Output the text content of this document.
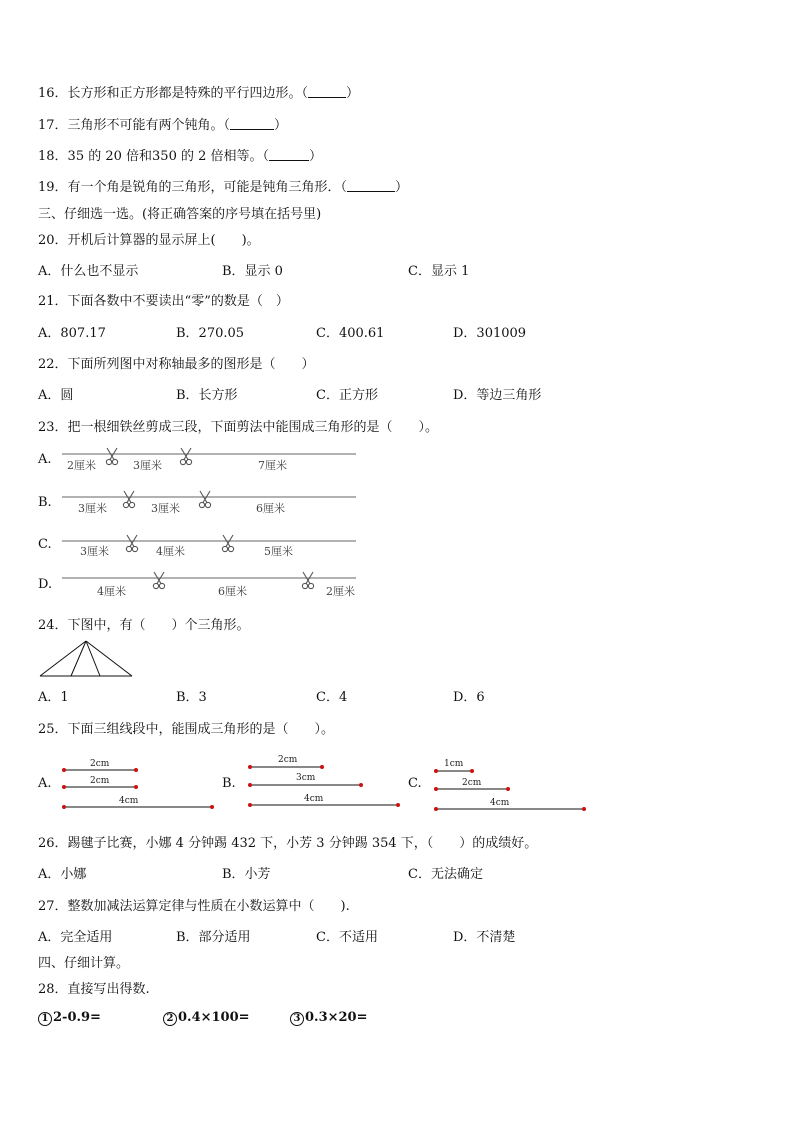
16．长方形和正方形都是特殊的平行四边形。（	）
17．三角形不可能有两个钝角。（	）
18．35 的 20 倍和350 的 2 倍相等。（	）
19．有一个角是锐角的三角形，可能是钝角三角形．（	）
三、仔细选一选。(将正确答案的序号填在括号里)
20．开机后计算器的显示屏上(　　)。
A．什么也不显示	B．显示 0	C．显示 1
21．下面各数中不要读出“零”的数是（　）
A．807.17	B．270.05	C．400.61	D．301009
22．下面所列图中对称轴最多的图形是（　　）
A．圆	B．长方形	C．正方形	D．等边三角形
23．把一根细铁丝剪成三段，下面剪法中能围成三角形的是（　　）。
A. 2厘米	3厘米	7厘米
3厘米	3厘米	6厘米
3厘米	4厘米	5厘米
4厘米	6厘米	2厘米
2cm
2cm
4cm
2cm
3cm
4cm
1cm
2cm
4cm
B.
C.
D.
24．下图中，有（　　）个三角形。
A．1	B．3	C．4	D．6
25．下面三组线段中，能围成三角形的是（　　）。
A.	B.	C.
26．踢毽子比赛，小娜 4 分钟踢 432 下，小芳 3 分钟踢 354 下，（　　）的成绩好。
A．小娜	B．小芳	C．无法确定
27．整数加减法运算定律与性质在小数运算中（　　).
A．完全适用	B．部分适用	C．不适用	D．不清楚
四、仔细计算。
28．直接写出得数.
1 2-0.9=	2 0.4×100=	3 0.3×20=
